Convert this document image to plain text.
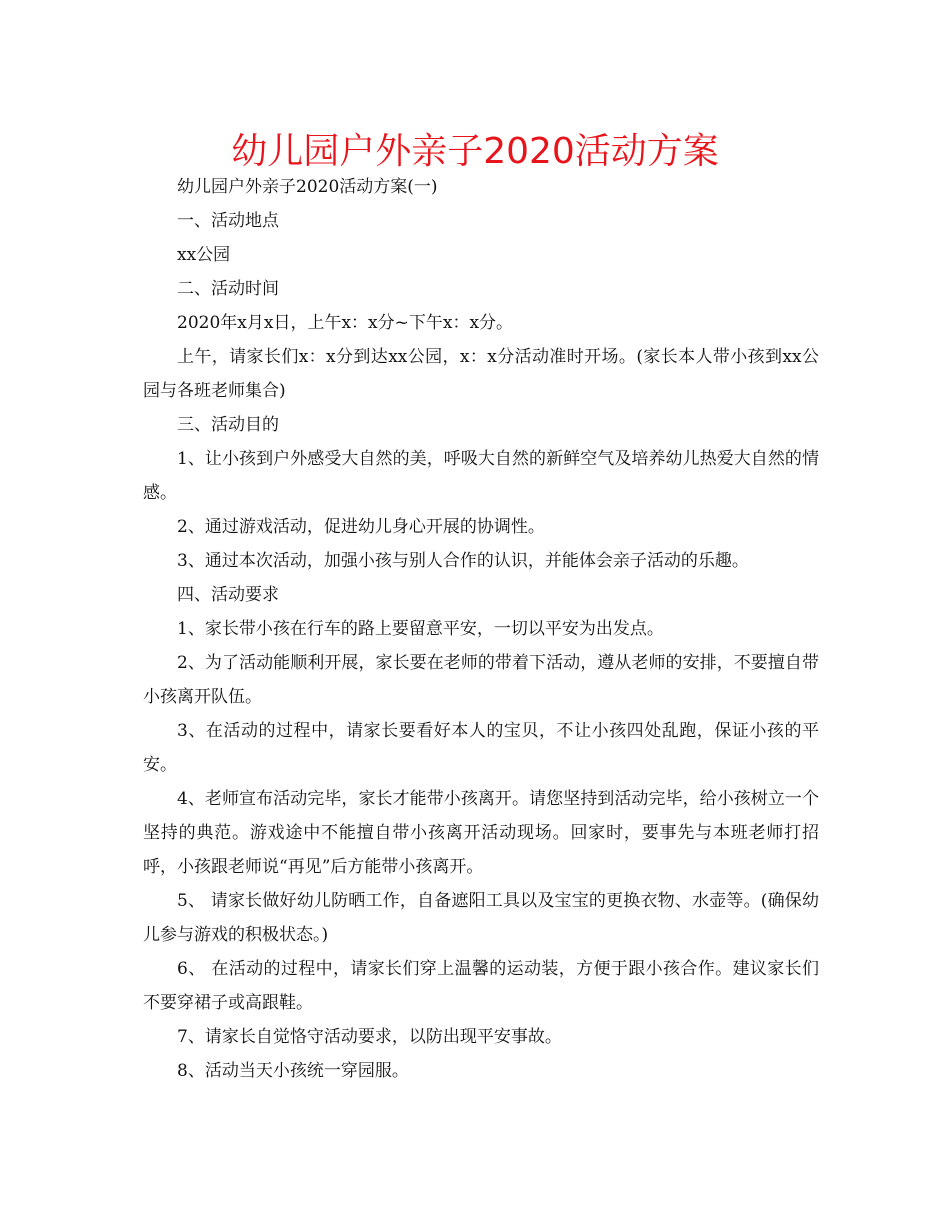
幼儿园户外亲子2020活动方案

幼儿园户外亲子2020活动方案(一)

一、活动地点

xx公园

二、活动时间

2020年x月x日，上午x：x分~下午x：x分。

上午，请家长们x：x分到达xx公园，x：x分活动准时开场。(家长本人带小孩到xx公园与各班老师集合)

三、活动目的

1、让小孩到户外感受大自然的美，呼吸大自然的新鲜空气及培养幼儿热爱大自然的情感。

2、通过游戏活动，促进幼儿身心开展的协调性。

3、通过本次活动，加强小孩与别人合作的认识，并能体会亲子活动的乐趣。

四、活动要求

1、家长带小孩在行车的路上要留意平安，一切以平安为出发点。

2、为了活动能顺利开展，家长要在老师的带着下活动，遵从老师的安排，不要擅自带小孩离开队伍。

3、在活动的过程中，请家长要看好本人的宝贝，不让小孩四处乱跑，保证小孩的平安。

4、老师宣布活动完毕，家长才能带小孩离开。请您坚持到活动完毕，给小孩树立一个坚持的典范。游戏途中不能擅自带小孩离开活动现场。回家时，要事先与本班老师打招呼，小孩跟老师说“再见”后方能带小孩离开。

5、 请家长做好幼儿防晒工作，自备遮阳工具以及宝宝的更换衣物、水壶等。(确保幼儿参与游戏的积极状态。)

6、 在活动的过程中，请家长们穿上温馨的运动装，方便于跟小孩合作。建议家长们不要穿裙子或高跟鞋。

7、请家长自觉恪守活动要求，以防出现平安事故。

8、活动当天小孩统一穿园服。
